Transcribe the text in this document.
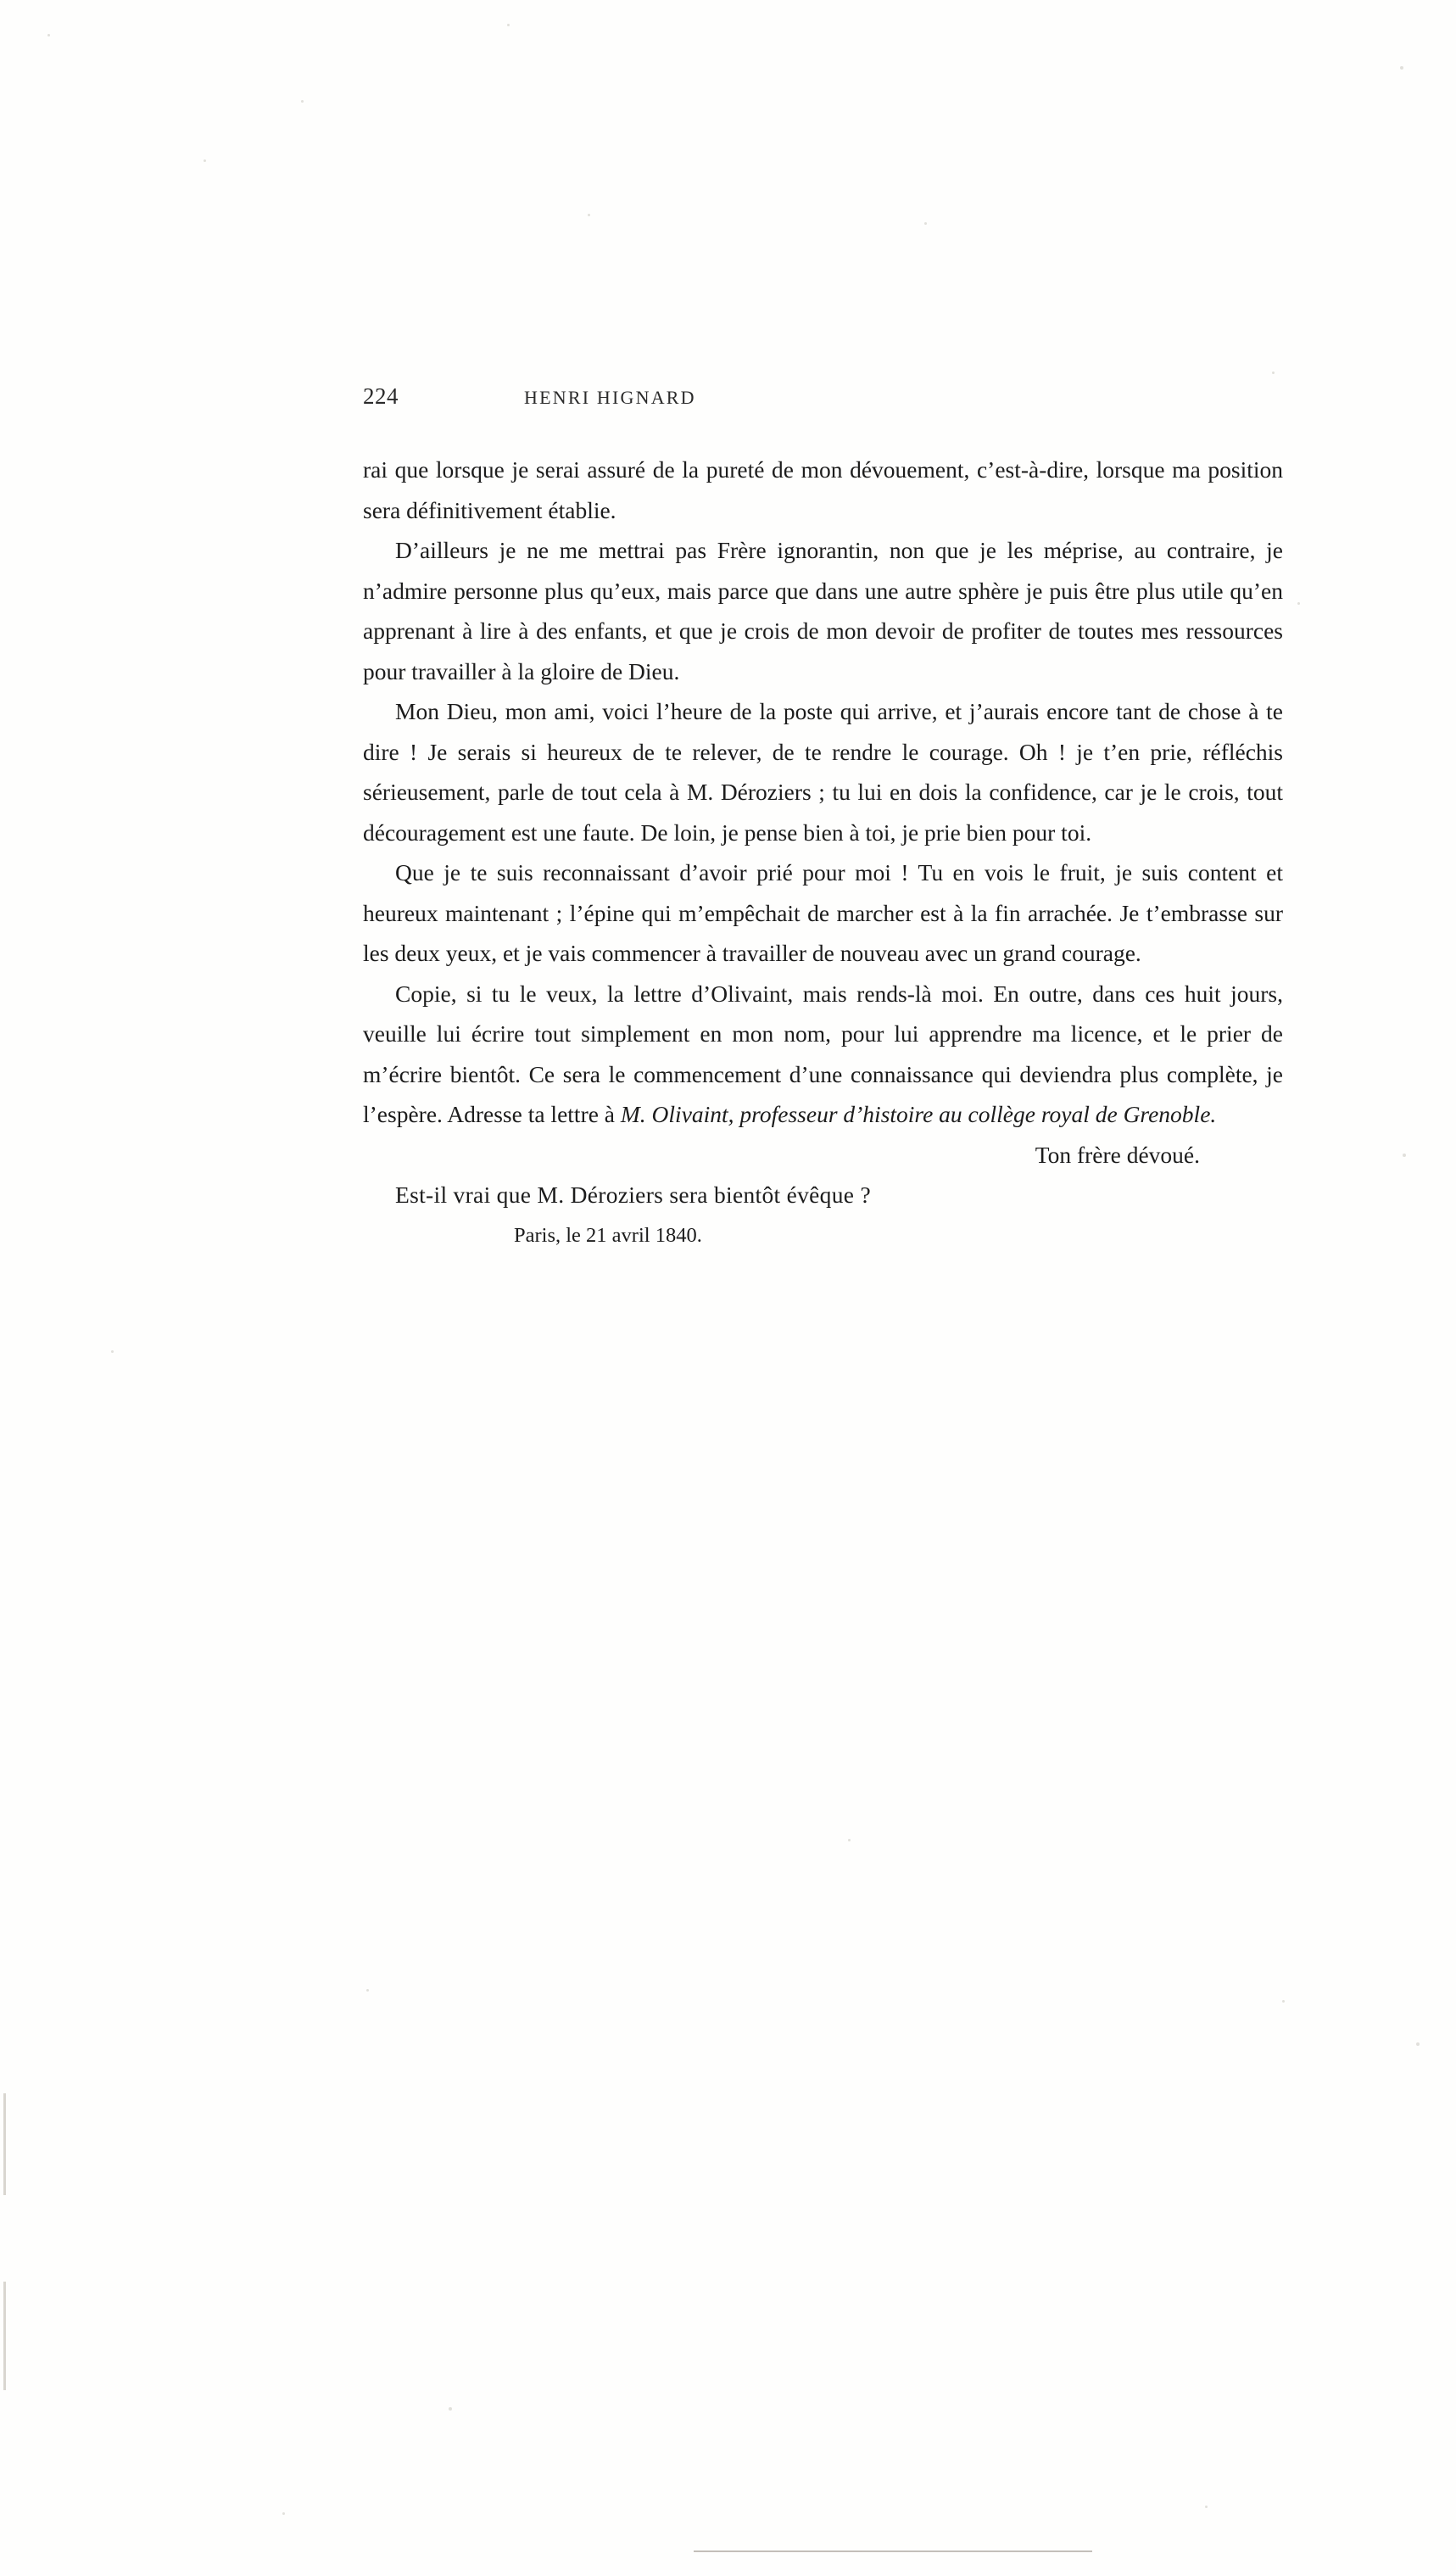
224	HENRI HIGNARD

rai que lorsque je serai assuré de la pureté de mon dévouement, c’est-à-dire, lorsque ma position sera définitivement établie.

D’ailleurs je ne me mettrai pas Frère ignorantin, non que je les méprise, au contraire, je n’admire personne plus qu’eux, mais parce que dans une autre sphère je puis être plus utile qu’en apprenant à lire à des enfants, et que je crois de mon devoir de profiter de toutes mes ressources pour travailler à la gloire de Dieu.

Mon Dieu, mon ami, voici l’heure de la poste qui arrive, et j’aurais encore tant de chose à te dire ! Je serais si heureux de te relever, de te rendre le courage. Oh ! je t’en prie, réfléchis sérieusement, parle de tout cela à M. Déroziers ; tu lui en dois la confidence, car je le crois, tout découragement est une faute. De loin, je pense bien à toi, je prie bien pour toi.

Que je te suis reconnaissant d’avoir prié pour moi ! Tu en vois le fruit, je suis content et heureux maintenant ; l’épine qui m’empêchait de marcher est à la fin arrachée. Je t’embrasse sur les deux yeux, et je vais commencer à travailler de nouveau avec un grand courage.

Copie, si tu le veux, la lettre d’Olivaint, mais rends-là moi. En outre, dans ces huit jours, veuille lui écrire tout simplement en mon nom, pour lui apprendre ma licence, et le prier de m’écrire bientôt. Ce sera le commencement d’une connaissance qui deviendra plus complète, je l’espère. Adresse ta lettre à M. Olivaint, professeur d’histoire au collège royal de Grenoble.

Ton frère dévoué.

Est-il vrai que M. Déroziers sera bientôt évêque ?

Paris, le 21 avril 1840.
